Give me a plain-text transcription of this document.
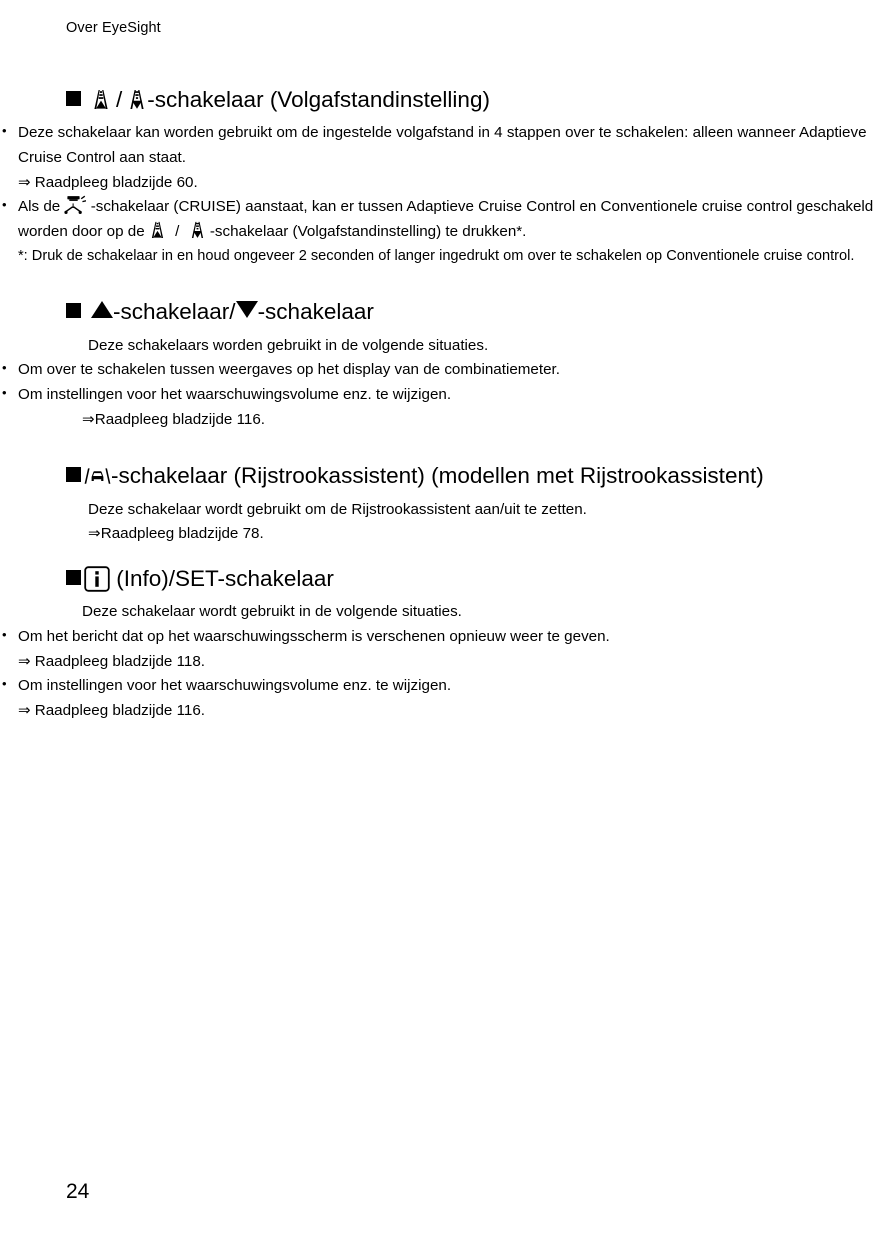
Over EyeSight
/ -schakelaar (Volgafstandinstelling)
• Deze schakelaar kan worden gebruikt om de ingestelde volgafstand in 4 stappen over te schakelen: alleen wanneer Adaptieve Cruise Control aan staat.
⇒ Raadpleeg bladzijde 60.
• Als de -schakelaar (CRUISE) aanstaat, kan er tussen Adaptieve Cruise Control en Conventionele cruise control geschakeld worden door op de / -schakelaar (Volgafstandinstelling) te drukken*.
*: Druk de schakelaar in en houd ongeveer 2 seconden of langer ingedrukt om over te schakelen op Conventionele cruise control.
-schakelaar/ -schakelaar
Deze schakelaars worden gebruikt in de volgende situaties.
• Om over te schakelen tussen weergaves op het display van de combinatiemeter.
• Om instellingen voor het waarschuwingsvolume enz. te wijzigen.
⇒Raadpleeg bladzijde 116.
-schakelaar (Rijstrookassistent) (modellen met Rijstrookassistent)
Deze schakelaar wordt gebruikt om de Rijstrookassistent aan/uit te zetten.
⇒Raadpleeg bladzijde 78.
(Info)/SET-schakelaar
Deze schakelaar wordt gebruikt in de volgende situaties.
• Om het bericht dat op het waarschuwingsscherm is verschenen opnieuw weer te geven.
⇒ Raadpleeg bladzijde 118.
• Om instellingen voor het waarschuwingsvolume enz. te wijzigen.
⇒ Raadpleeg bladzijde 116.
24
